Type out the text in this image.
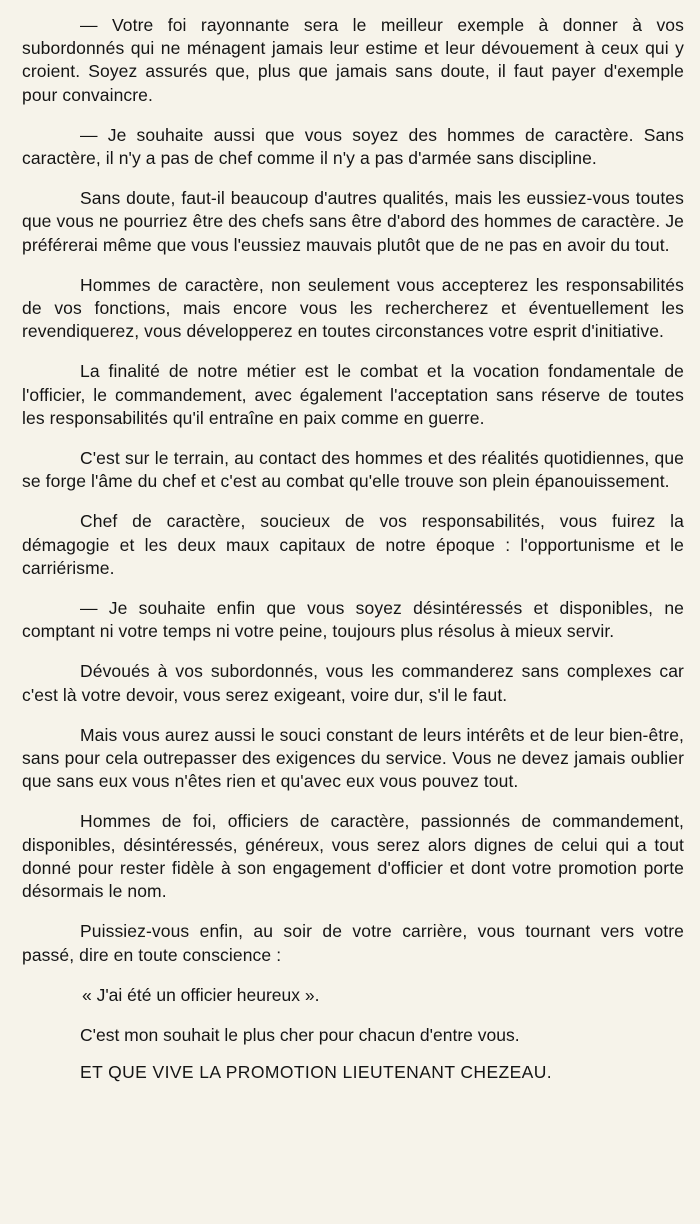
— Votre foi rayonnante sera le meilleur exemple à donner à vos subordonnés qui ne ménagent jamais leur estime et leur dévouement à ceux qui y croient. Soyez assurés que, plus que jamais sans doute, il faut payer d'exemple pour convaincre.

— Je souhaite aussi que vous soyez des hommes de caractère. Sans caractère, il n'y a pas de chef comme il n'y a pas d'armée sans discipline.

Sans doute, faut-il beaucoup d'autres qualités, mais les eussiez-vous toutes que vous ne pourriez être des chefs sans être d'abord des hommes de caractère. Je préférerai même que vous l'eussiez mauvais plutôt que de ne pas en avoir du tout.

Hommes de caractère, non seulement vous accepterez les responsabilités de vos fonctions, mais encore vous les rechercherez et éventuellement les revendiquerez, vous développerez en toutes circonstances votre esprit d'initiative.

La finalité de notre métier est le combat et la vocation fondamentale de l'officier, le commandement, avec également l'acceptation sans réserve de toutes les responsabilités qu'il entraîne en paix comme en guerre.

C'est sur le terrain, au contact des hommes et des réalités quotidiennes, que se forge l'âme du chef et c'est au combat qu'elle trouve son plein épanouissement.

Chef de caractère, soucieux de vos responsabilités, vous fuirez la démagogie et les deux maux capitaux de notre époque : l'opportunisme et le carriérisme.

— Je souhaite enfin que vous soyez désintéressés et disponibles, ne comptant ni votre temps ni votre peine, toujours plus résolus à mieux servir.

Dévoués à vos subordonnés, vous les commanderez sans complexes car c'est là votre devoir, vous serez exigeant, voire dur, s'il le faut.

Mais vous aurez aussi le souci constant de leurs intérêts et de leur bien-être, sans pour cela outrepasser des exigences du service. Vous ne devez jamais oublier que sans eux vous n'êtes rien et qu'avec eux vous pouvez tout.

Hommes de foi, officiers de caractère, passionnés de commandement, disponibles, désintéressés, généreux, vous serez alors dignes de celui qui a tout donné pour rester fidèle à son engagement d'officier et dont votre promotion porte désormais le nom.

Puissiez-vous enfin, au soir de votre carrière, vous tournant vers votre passé, dire en toute conscience :

« J'ai été un officier heureux ».

C'est mon souhait le plus cher pour chacun d'entre vous.

ET QUE VIVE LA PROMOTION LIEUTENANT CHEZEAU.
